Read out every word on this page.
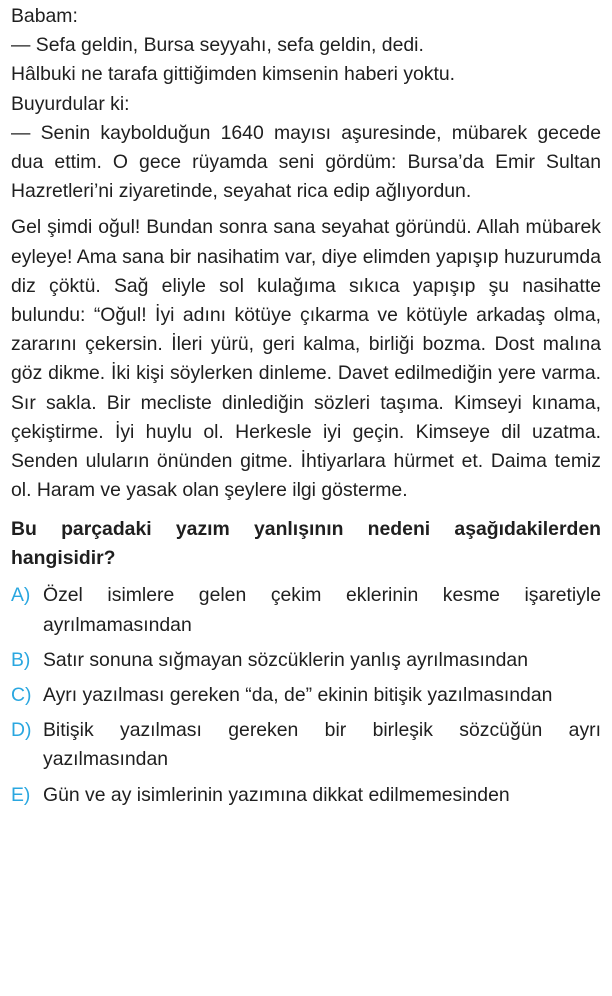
Babam:

— Sefa geldin, Bursa seyyahı, sefa geldin, dedi.

Hâlbuki ne tarafa gittiğimden kimsenin haberi yoktu.

Buyurdular ki:

— Senin kaybolduğun 1640 mayısı aşuresinde, mübarek gecede dua ettim. O gece rüyamda seni gördüm: Bursa’da Emir Sultan Hazretleri’ni ziyaretinde, seyahat rica edip ağlıyordun.

Gel şimdi oğul! Bundan sonra sana seyahat göründü. Allah mübarek eyleye! Ama sana bir nasihatim var, diye elimden yapışıp huzurumda diz çöktü. Sağ eliyle sol kulağıma sıkıca yapışıp şu nasihatte bulundu: “Oğul! İyi adını kötüye çıkarma ve kötüyle arkadaş olma, zararını çekersin. İleri yürü, geri kalma, birliği bozma. Dost malına göz dikme. İki kişi söylerken dinleme. Davet edilmediğin yere varma. Sır sakla. Bir mecliste dinlediğin sözleri taşıma. Kimseyi kınama, çekiştirme. İyi huylu ol. Herkesle iyi geçin. Kimseye dil uzatma. Senden uluların önünden gitme. İhtiyarlara hürmet et. Daima temiz ol. Haram ve yasak olan şeylere ilgi gösterme.

Bu parçadaki yazım yanlışının nedeni aşağıdakilerden hangisidir?

A) Özel isimlere gelen çekim eklerinin kesme işaretiyle ayrılmamasından
B) Satır sonuna sığmayan sözcüklerin yanlış ayrılmasından
C) Ayrı yazılması gereken “da, de” ekinin bitişik yazılmasından
D) Bitişik yazılması gereken bir birleşik sözcüğün ayrı yazılmasından
E) Gün ve ay isimlerinin yazımına dikkat edilmemesinden
